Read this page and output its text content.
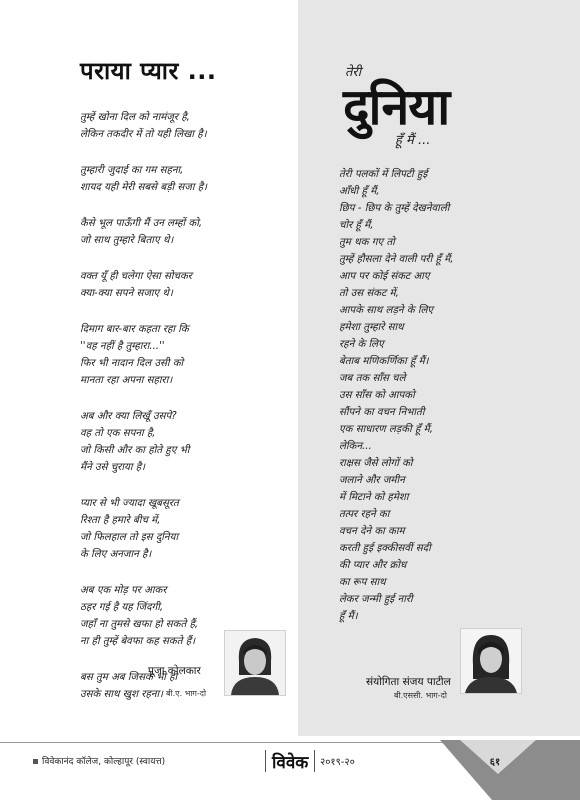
पराया प्यार ...
तुम्हें खोना दिल को नामंजूर है,
लेकिन तकदीर में तो यही लिखा है।
तुम्हारी जुदाई का गम सहना,
शायद यही मेरी सबसे बड़ी सजा है।
कैसे भूल पाऊँगी मैं उन लम्हों को,
जो साथ तुम्हारे बिताए थे।
वक्त यूँ ही चलेगा ऐसा सोचकर
क्या-क्या सपने सजाए थे।
दिमाग बार-बार कहता रहा कि
''वह नहीं है तुम्हारा...''
फिर भी नादान दिल उसी को
मानता रहा अपना सहारा।
अब और क्या लिखूँ उसपे?
वह तो एक सपना है,
जो किसी और का होते हुए भी
मैंने उसे चुराया है।
प्यार से भी ज्यादा खूबसूरत
रिश्ता है हमारे बीच में,
जो फिलहाल तो इस दुनिया
के लिए अनजान है।
अब एक मोड़ पर आकर
ठहर गई है यह जिंदगी,
जहाँ ना तुमसे खफा हो सकते हैं,
ना ही तुम्हें बेवफा कह सकते हैं।
बस तुम अब जिसके भी हो
उसके साथ खुश रहना।
पूजा कोलकार
बी.ए. भाग-दो
तेरी
दुनिया
हूँ मैं ...
तेरी पलकों में लिपटी हुई
आँधी हूँ मैं,
छिप - छिप के तुम्हें देखनेवाली
चोर हूँ मैं,
तुम थक गए तो
तुम्हें हौसला देने वाली परी हूँ मैं,
आप पर कोई संकट आए
तो उस संकट में,
आपके साथ लड़ने के लिए
हमेशा तुम्हारे साथ
रहने के लिए
बेताब मणिकर्णिका हूँ मैं।
जब तक साँस चले
उस साँस को आपको
सौंपने का वचन निभाती
एक साधारण लड़की हूँ मैं,
लेकिन...
राक्षस जैसे लोगों को
जलाने और जमीन
में मिटाने को हमेशा
तत्पर रहने का
वचन देने का काम
करती हुई इक्कीसवीं सदी
की प्यार और क्रोध
का रूप साथ
लेकर जन्मी हुई नारी
हूँ मैं।
संयोगिता संजय पाटील
बी.एससी. भाग-दो
विवेकानंद कॉलेज, कोल्हापूर (स्वायत्त)	विवेक २०१९-२०	६१
